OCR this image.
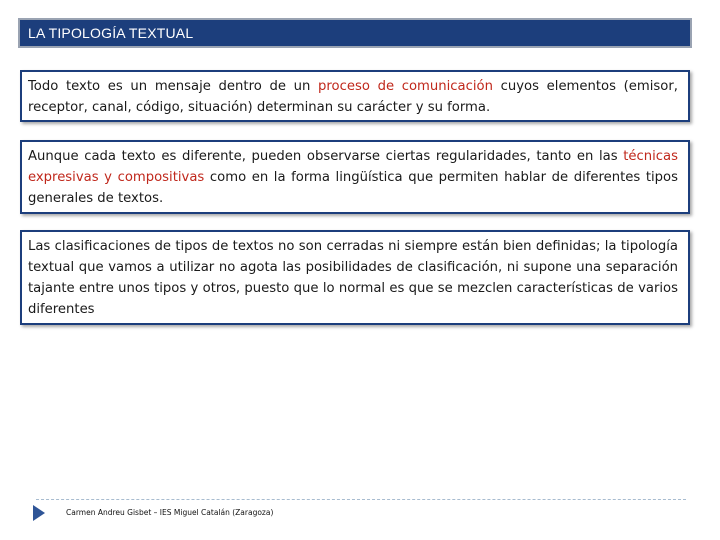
LA TIPOLOGÍA TEXTUAL
Todo texto es un mensaje dentro de un proceso de comunicación cuyos elementos (emisor, receptor, canal, código, situación) determinan su carácter y su forma.
Aunque cada texto es diferente, pueden observarse ciertas regularidades, tanto en las técnicas expresivas y compositivas como en la forma lingüística que permiten hablar de diferentes tipos generales de textos.
Las clasificaciones de tipos de textos no son cerradas ni siempre están bien definidas; la tipología textual que vamos a utilizar no agota las posibilidades de clasificación, ni supone una separación tajante entre unos tipos y otros, puesto que lo normal es que se mezclen características de varios diferentes
Carmen Andreu Gisbet – IES Miguel Catalán (Zaragoza)
